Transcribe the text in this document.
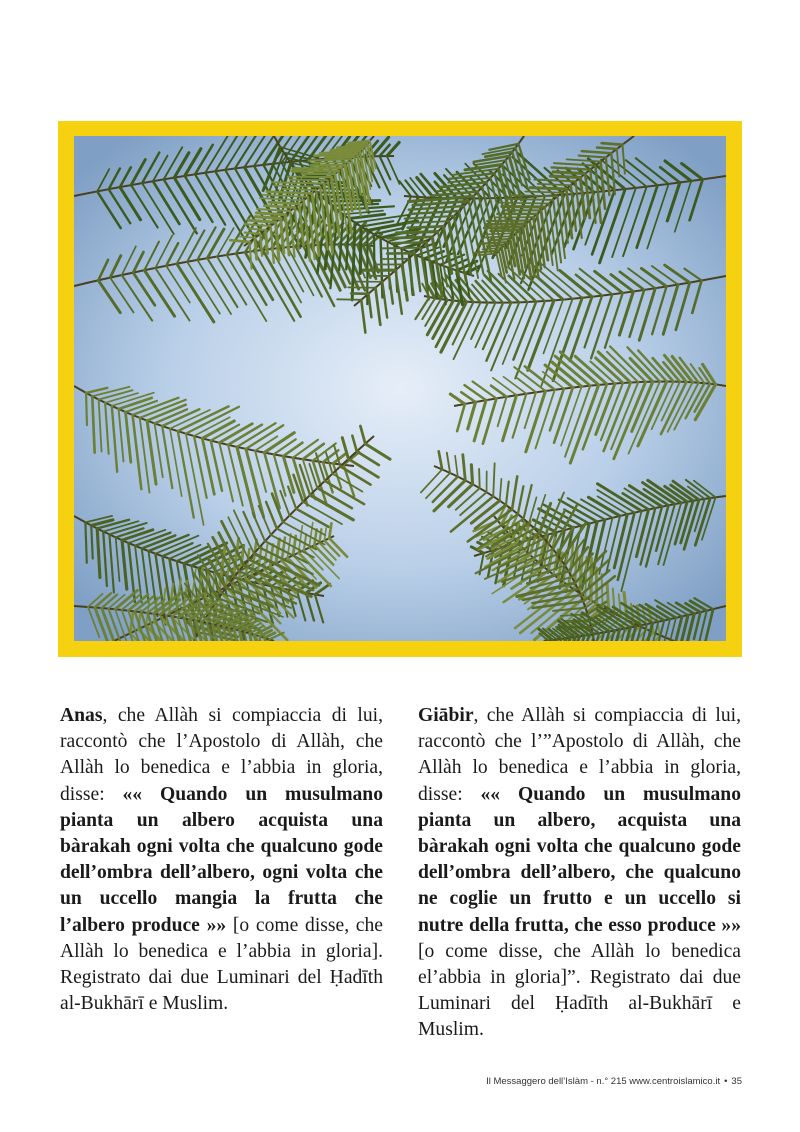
Anas, che Allàh si compiaccia di lui, raccontò che l’Apostolo di Allàh, che Allàh lo benedica e l’abbia in gloria, disse: «« Quando un musulmano pianta un albero acquista una bàrakah ogni volta che qualcuno gode dell’ombra dell’albero, ogni volta che un uccello mangia la frutta che l’albero produce »» [o come disse, che Allàh lo benedica e l’abbia in gloria]. Registrato dai due Luminari del Ḥadīth al-Bukhārī e Muslim.
Giābir, che Allàh si compiaccia di lui, raccontò che l’”Apostolo di Allàh, che Allàh lo benedica e l’abbia in gloria, disse: «« Quando un musulmano pianta un albero, acquista una bàrakah ogni volta che qualcuno gode dell’ombra dell’albero, che qualcuno ne coglie un frutto e un uccello si nutre della frutta, che esso produce »» [o come disse, che Allàh lo benedica el’abbia in gloria]”. Registrato dai due Luminari del Ḥadīth al-Bukhārī e Muslim.
Il Messaggero dell’Islàm - n.° 215 www.centroislamico.it • 35
